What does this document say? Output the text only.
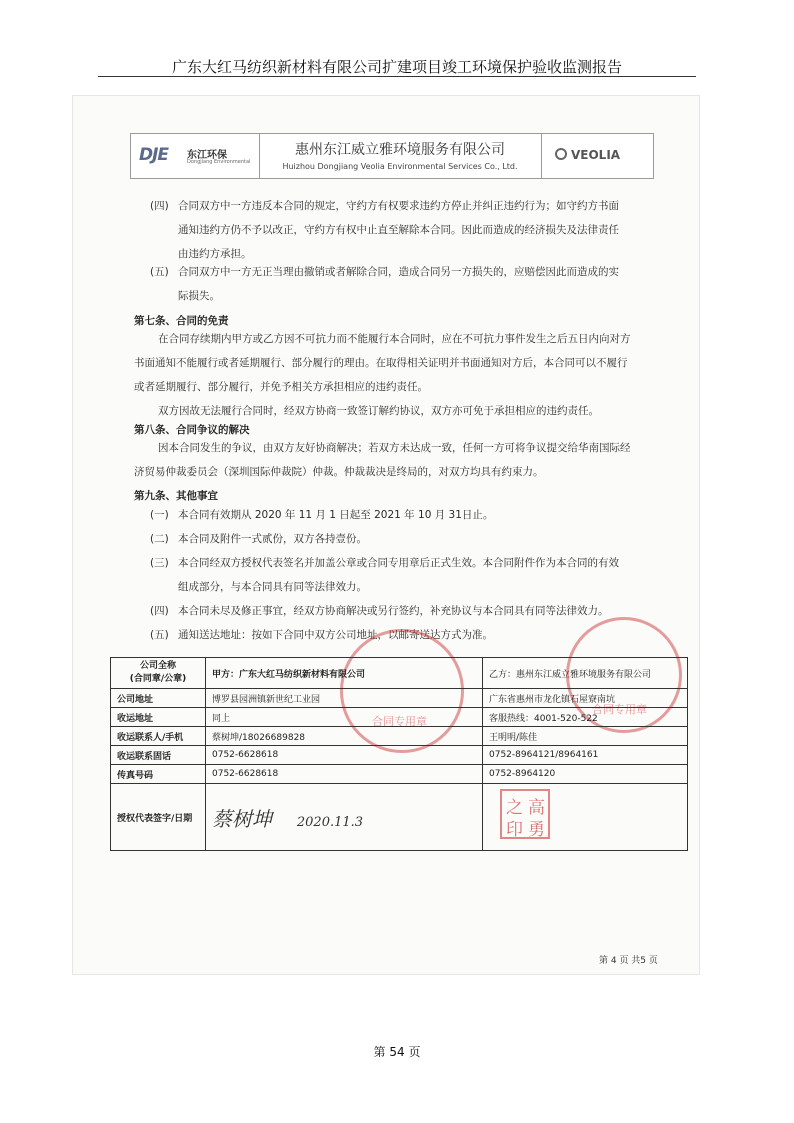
广东大红马纺织新材料有限公司扩建项目竣工环境保护验收监测报告
DJE 东江环保
Dongjiang Environmental
惠州东江威立雅环境服务有限公司
Huizhou Dongjiang Veolia Environmental Services Co., Ltd.
VEOLIA
(四) 合同双方中一方违反本合同的规定，守约方有权要求违约方停止并纠正违约行为；如守约方书面
通知违约方仍不予以改正，守约方有权中止直至解除本合同。因此而造成的经济损失及法律责任
由违约方承担。
(五) 合同双方中一方无正当理由撤销或者解除合同，造成合同另一方损失的，应赔偿因此而造成的实
际损失。
第七条、合同的免责
在合同存续期内甲方或乙方因不可抗力而不能履行本合同时，应在不可抗力事件发生之后五日内向对方
书面通知不能履行或者延期履行、部分履行的理由。在取得相关证明并书面通知对方后，本合同可以不履行
或者延期履行、部分履行，并免予相关方承担相应的违约责任。
双方因故无法履行合同时，经双方协商一致签订解约协议，双方亦可免于承担相应的违约责任。
第八条、合同争议的解决
因本合同发生的争议，由双方友好协商解决；若双方未达成一致，任何一方可将争议提交给华南国际经
济贸易仲裁委员会（深圳国际仲裁院）仲裁。仲裁裁决是终局的，对双方均具有约束力。
第九条、其他事宜
(一) 本合同有效期从 2020 年 11 月 1 日起至 2021 年 10 月 31日止。
(二) 本合同及附件一式贰份，双方各持壹份。
(三) 本合同经双方授权代表签名并加盖公章或合同专用章后正式生效。本合同附件作为本合同的有效
组成部分，与本合同具有同等法律效力。
(四) 本合同未尽及修正事宜，经双方协商解决或另行签约，补充协议与本合同具有同等法律效力。
(五) 通知送达地址：按如下合同中双方公司地址，以邮寄送达方式为准。
合同专用章
合同专用章
公司全称
(合同章/公章)	甲方：广东大红马纺织新材料有限公司	乙方：惠州东江威立雅环境服务有限公司
公司地址	博罗县园洲镇新世纪工业园	广东省惠州市龙化镇石屋寮南坑
收运地址	同上	客服热线：4001-520-522
收运联系人/手机	蔡树坤/18026689828	王明明/陈佳
收运联系固话	0752-6628618	0752-8964121/8964161
传真号码	0752-6628618	0752-8964120
授权代表签字/日期	蔡树坤 2020.11.3	
之 高
印 勇
第 4 页 共5 页
第 54 页
